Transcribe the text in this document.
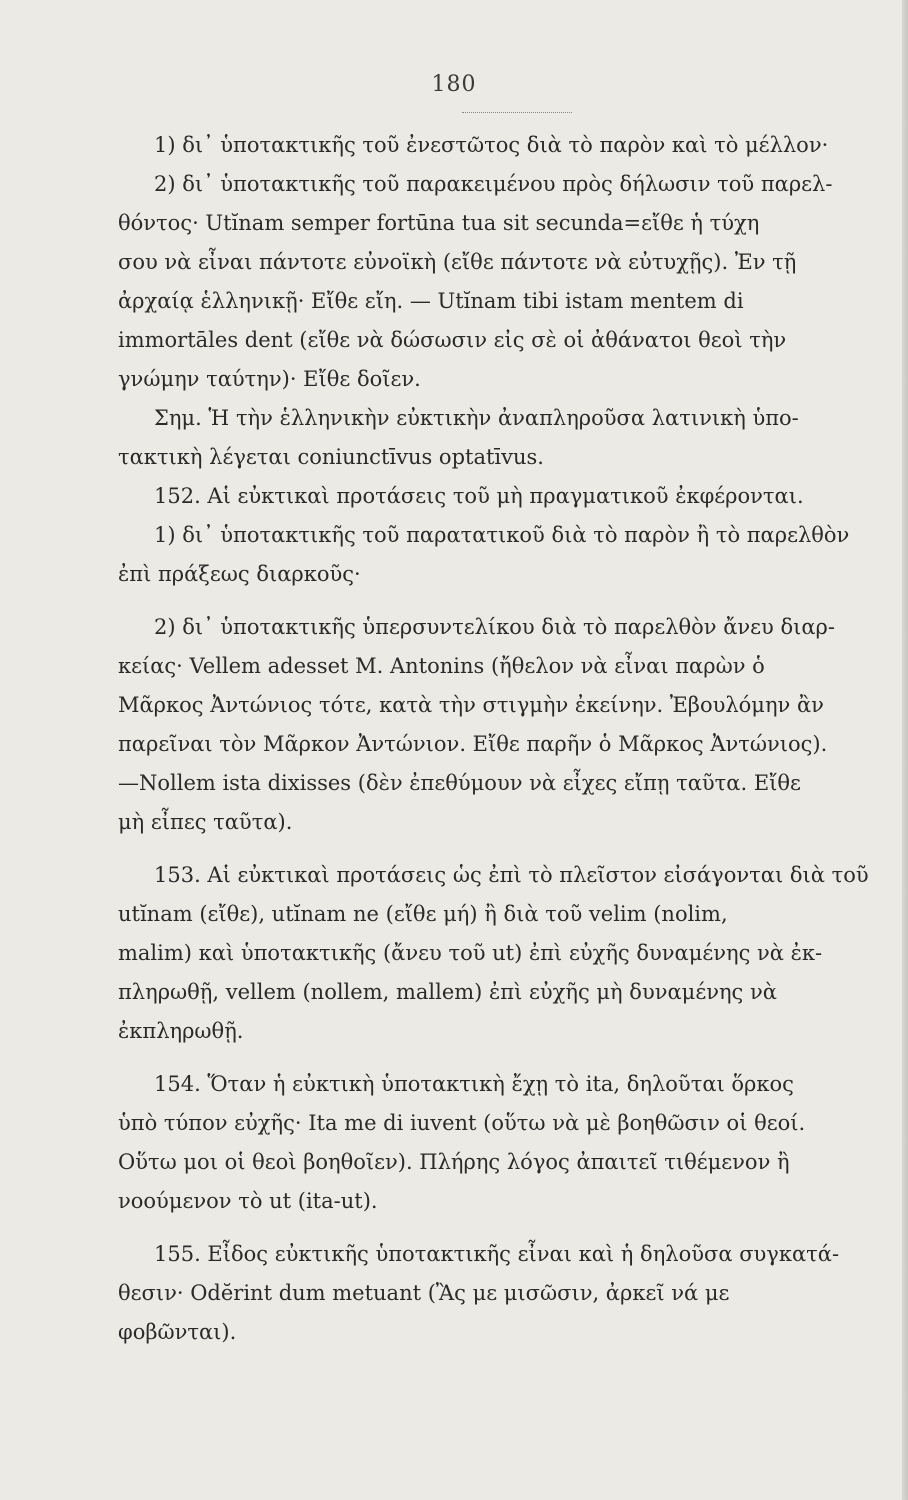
180
1) δι᾽ ὑποτακτικῆς τοῦ ἐνεστῶτος διὰ τὸ παρὸν καὶ τὸ μέλλον·
2) δι᾽ ὑποτακτικῆς τοῦ παρακειμένου πρὸς δήλωσιν τοῦ παρελ-
θόντος· Utĭnam semper fortūna tua sit secunda=εἴθε ἡ τύχη
σου νὰ εἶναι πάντοτε εὐνοϊκὴ (εἴθε πάντοτε νὰ εὐτυχῇς). Ἐν τῇ
ἀρχαίᾳ ἑλληνικῇ· Εἴθε εἴη. — Utĭnam tibi istam mentem di
immortāles dent (εἴθε νὰ δώσωσιν εἰς σὲ οἱ ἀθάνατοι θεοὶ τὴν
γνώμην ταύτην)· Εἴθε δοῖεν.
Σημ. Ἡ τὴν ἑλληνικὴν εὐκτικὴν ἀναπληροῦσα λατινικὴ ὑπο-
τακτικὴ λέγεται coniunctīvus optatīvus.
152. Αἱ εὐκτικαὶ προτάσεις τοῦ μὴ πραγματικοῦ ἐκφέρονται.
1) δι᾽ ὑποτακτικῆς τοῦ παρατατικοῦ διὰ τὸ παρὸν ἢ τὸ παρελθὸν
ἐπὶ πράξεως διαρκοῦς·
2) δι᾽ ὑποτακτικῆς ὑπερσυντελίκου διὰ τὸ παρελθὸν ἄνευ διαρ-
κείας· Vellem adesset M. Antonins (ἤθελον νὰ εἶναι παρὼν ὁ
Μᾶρκος Ἀντώνιος τότε, κατὰ τὴν στιγμὴν ἐκείνην. Ἐβουλόμην ἂν
παρεῖναι τὸν Μᾶρκον Ἀντώνιον. Εἴθε παρῆν ὁ Μᾶρκος Ἀντώνιος).
—Nollem ista dixisses (δὲν ἐπεθύμουν νὰ εἶχες εἴπῃ ταῦτα. Εἴθε
μὴ εἶπες ταῦτα).
153. Αἱ εὐκτικαὶ προτάσεις ὡς ἐπὶ τὸ πλεῖστον εἰσάγονται διὰ τοῦ
utĭnam (εἴθε), utĭnam ne (εἴθε μή) ἢ διὰ τοῦ velim (nolim,
malim) καὶ ὑποτακτικῆς (ἄνευ τοῦ ut) ἐπὶ εὐχῆς δυναμένης νὰ ἐκ-
πληρωθῇ, vellem (nollem, mallem) ἐπὶ εὐχῆς μὴ δυναμένης νὰ
ἐκπληρωθῇ.
154. Ὅταν ἡ εὐκτικὴ ὑποτακτικὴ ἔχῃ τὸ ita, δηλοῦται ὅρκος
ὑπὸ τύπον εὐχῆς· Ita me di iuvent (οὕτω νὰ μὲ βοηθῶσιν οἱ θεοί.
Οὕτω μοι οἱ θεοὶ βοηθοῖεν). Πλήρης λόγος ἀπαιτεῖ τιθέμενον ἢ
νοούμενον τὸ ut (ita-ut).
155. Εἶδος εὐκτικῆς ὑποτακτικῆς εἶναι καὶ ἡ δηλοῦσα συγκατά-
θεσιν· Odĕrint dum metuant (Ἂς με μισῶσιν, ἀρκεῖ νά με
φοβῶνται).
